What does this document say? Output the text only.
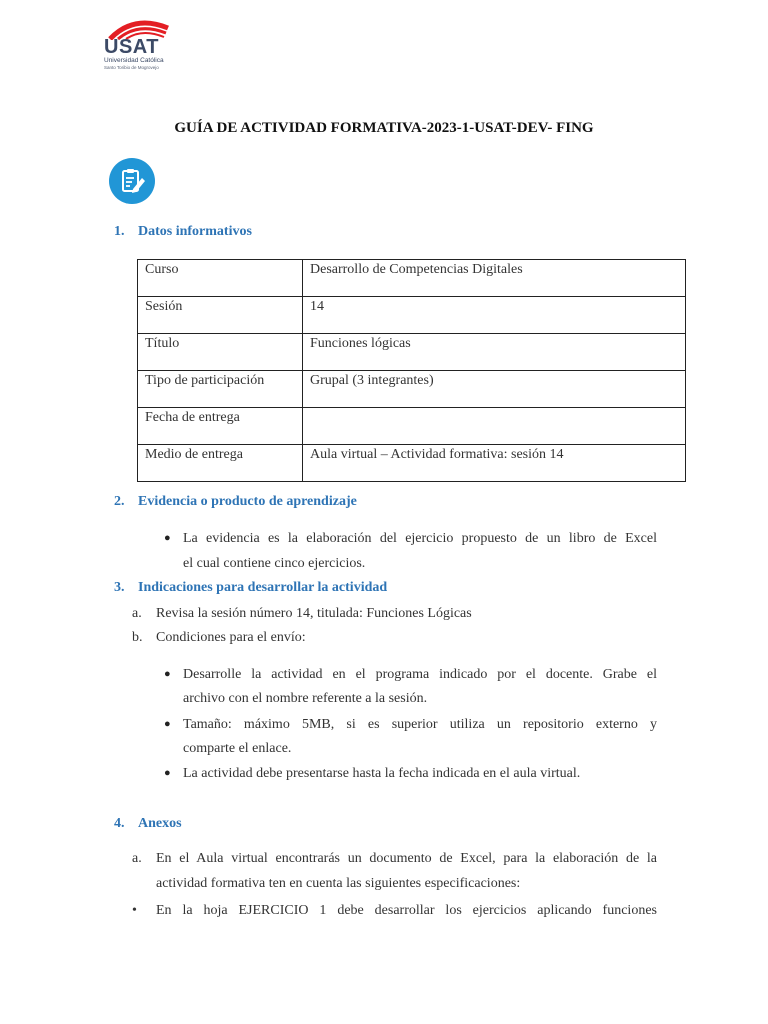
USAT
Universidad Católica
Santo Toribio de Mogrovejo
GUÍA DE ACTIVIDAD FORMATIVA-2023-1-USAT-DEV- FING
1. Datos informativos
Curso	Desarrollo de Competencias Digitales
Sesión	14
Título	Funciones lógicas
Tipo de participación	Grupal (3 integrantes)
Fecha de entrega	
Medio de entrega	Aula virtual – Actividad formativa: sesión 14
2. Evidencia o producto de aprendizaje
● La evidencia es la elaboración del ejercicio propuesto de un libro de Excel
el cual contiene cinco ejercicios.
3. Indicaciones para desarrollar la actividad
a. Revisa la sesión número 14, titulada: Funciones Lógicas
b. Condiciones para el envío:
● Desarrolle la actividad en el programa indicado por el docente. Grabe el
archivo con el nombre referente a la sesión.
● Tamaño: máximo 5MB, si es superior utiliza un repositorio externo y
comparte el enlace.
● La actividad debe presentarse hasta la fecha indicada en el aula virtual.
4. Anexos
a. En el Aula virtual encontrarás un documento de Excel, para la elaboración de la
actividad formativa ten en cuenta las siguientes especificaciones:
• En la hoja EJERCICIO 1 debe desarrollar los ejercicios aplicando funciones
